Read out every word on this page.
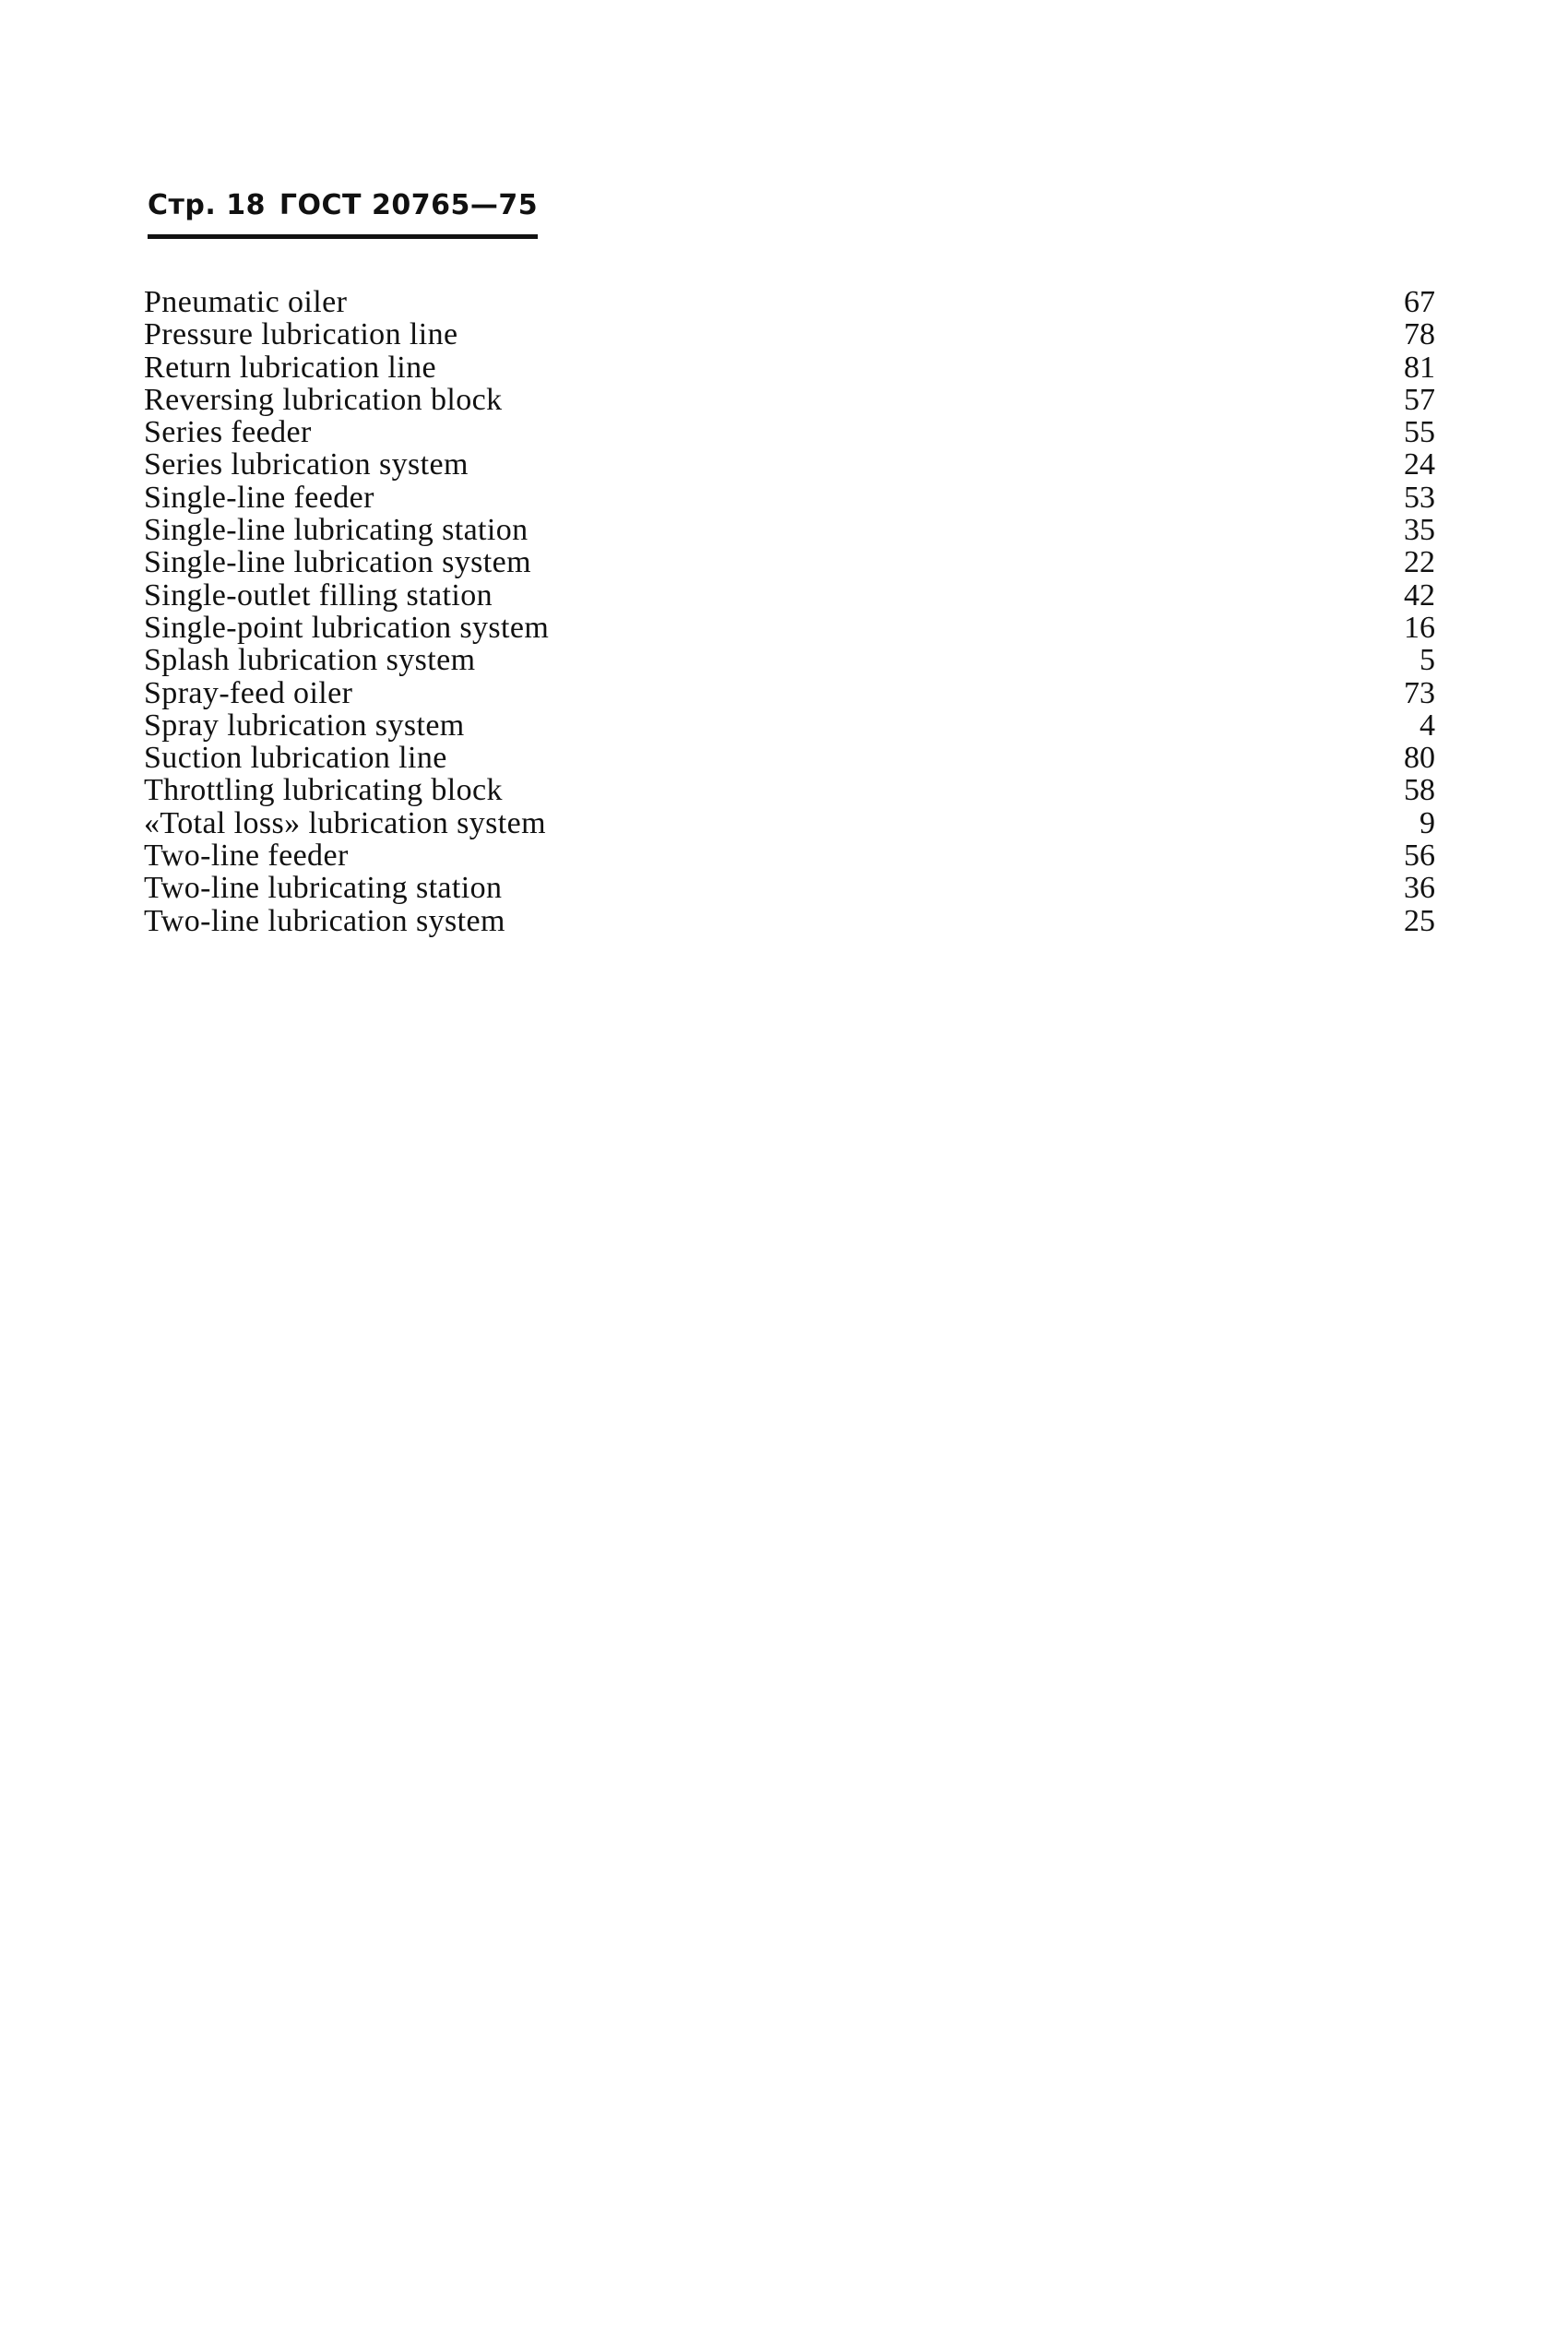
Стр. 18 ГОСТ 20765—75
Pneumatic oiler	67
Pressure lubrication line	78
Return lubrication line	81
Reversing lubrication block	57
Series feeder	55
Series lubrication system	24
Single-line feeder	53
Single-line lubricating station	35
Single-line lubrication system	22
Single-outlet filling station	42
Single-point lubrication system	16
Splash lubrication system	5
Spray-feed oiler	73
Spray lubrication system	4
Suction lubrication line	80
Throttling lubricating block	58
«Total loss» lubrication system	9
Two-line feeder	56
Two-line lubricating station	36
Two-line lubrication system	25
